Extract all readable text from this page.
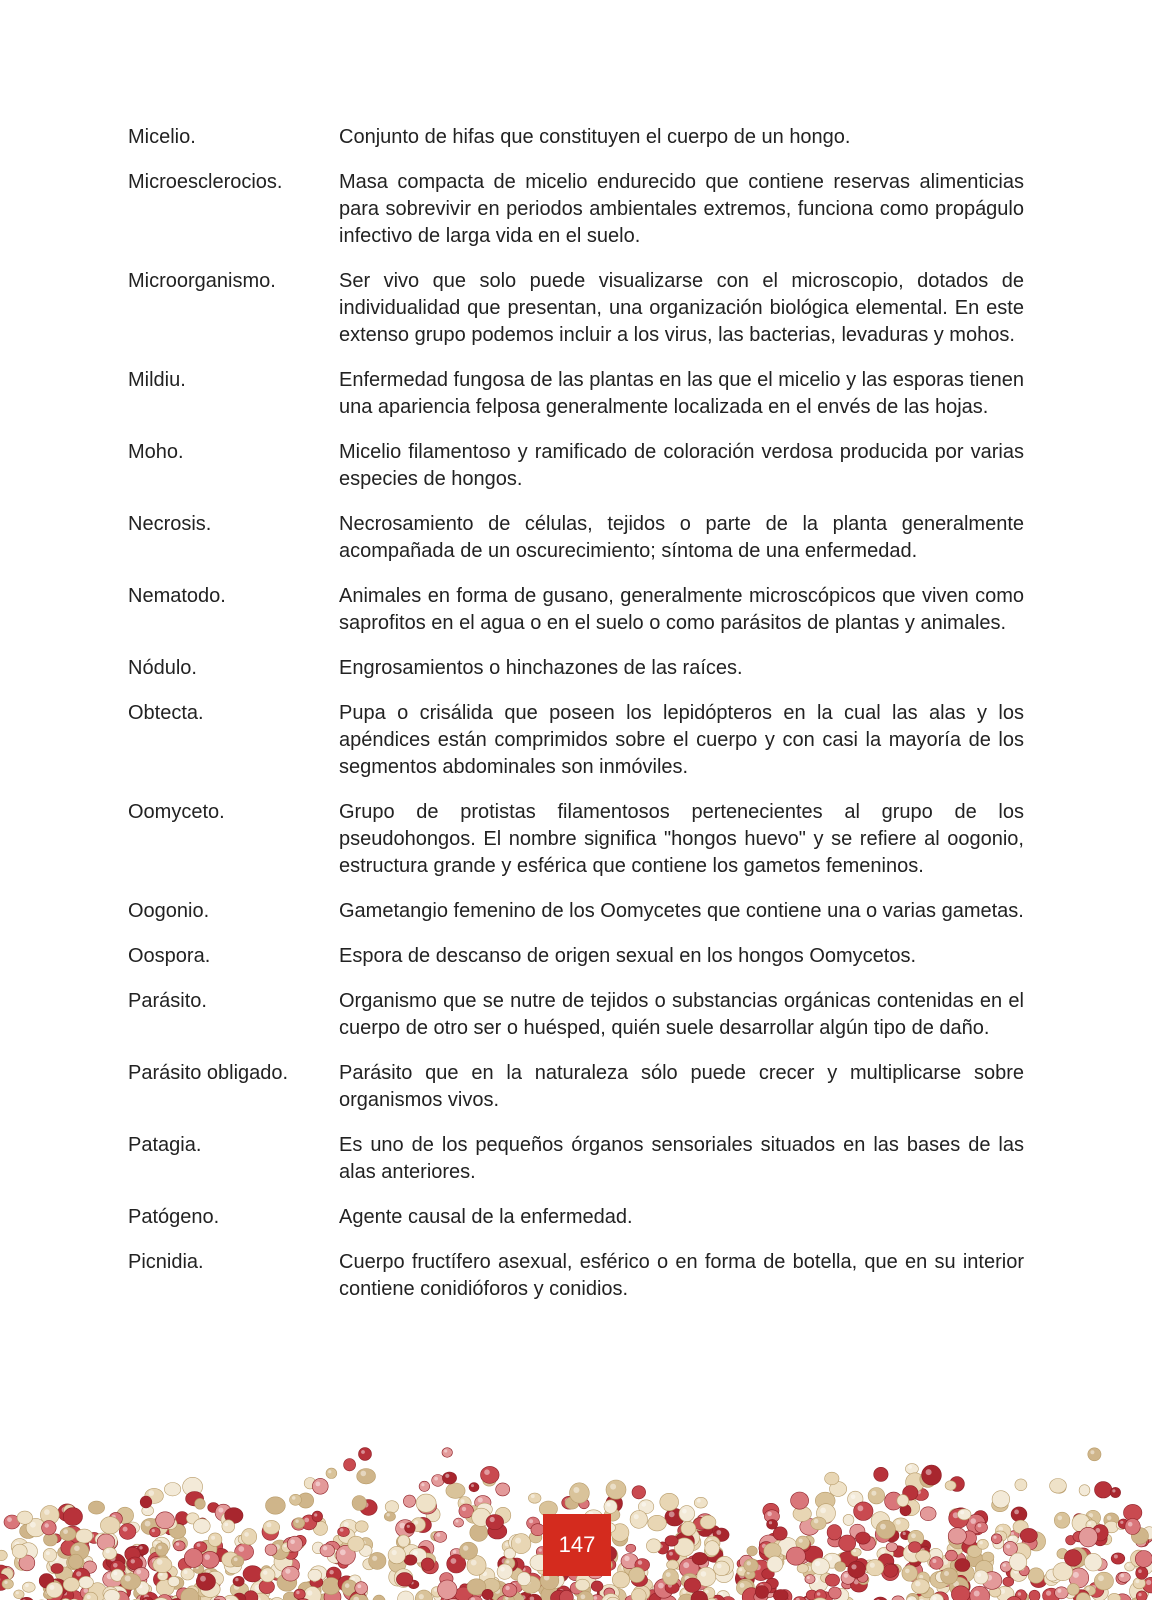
Micelio.	Conjunto de hifas que constituyen el cuerpo de un hongo.
Microesclerocios.	Masa compacta de micelio endurecido que contiene reservas alimenticias para sobrevivir en periodos ambientales extremos, funciona como propágulo infectivo de larga vida en el suelo.
Microorganismo.	Ser vivo que solo puede visualizarse con el microscopio, dotados de individualidad que presentan, una organización biológica elemental. En este extenso grupo podemos incluir a los virus, las bacterias, levaduras y mohos.
Mildiu.	Enfermedad fungosa de las plantas en las que el micelio y las esporas tienen una apariencia felposa generalmente localizada en el envés de las hojas.
Moho.	Micelio filamentoso y ramificado de coloración verdosa producida por varias especies de hongos.
Necrosis.	Necrosamiento de células, tejidos o parte de la planta generalmente acompañada de un oscurecimiento; síntoma de una enfermedad.
Nematodo.	Animales en forma de gusano, generalmente microscópicos que viven como saprofitos en el agua o en el suelo o como parásitos de plantas y animales.
Nódulo.	Engrosamientos o hinchazones de las raíces.
Obtecta.	Pupa o crisálida que poseen los lepidópteros en la cual las alas y los apéndices están comprimidos sobre el cuerpo y con casi la mayoría de los segmentos abdominales son inmóviles.
Oomyceto.	Grupo de protistas filamentosos pertenecientes al grupo de los pseudohongos. El nombre significa "hongos huevo" y se refiere al oogonio, estructura grande y esférica que contiene los gametos femeninos.
Oogonio.	Gametangio femenino de los Oomycetes que contiene una o varias gametas.
Oospora.	Espora de descanso de origen sexual en los hongos Oomycetos.
Parásito.	Organismo que se nutre de tejidos o substancias orgánicas contenidas en el cuerpo de otro ser o huésped, quién suele desarrollar algún tipo de daño.
Parásito obligado.	Parásito que en la naturaleza sólo puede crecer y multiplicarse sobre organismos vivos.
Patagia.	Es uno de los pequeños órganos sensoriales situados en las bases de las alas anteriores.
Patógeno.	Agente causal de la enfermedad.
Picnidia.	Cuerpo fructífero asexual, esférico o en forma de botella, que en su interior contiene conidióforos y conidios.
147
